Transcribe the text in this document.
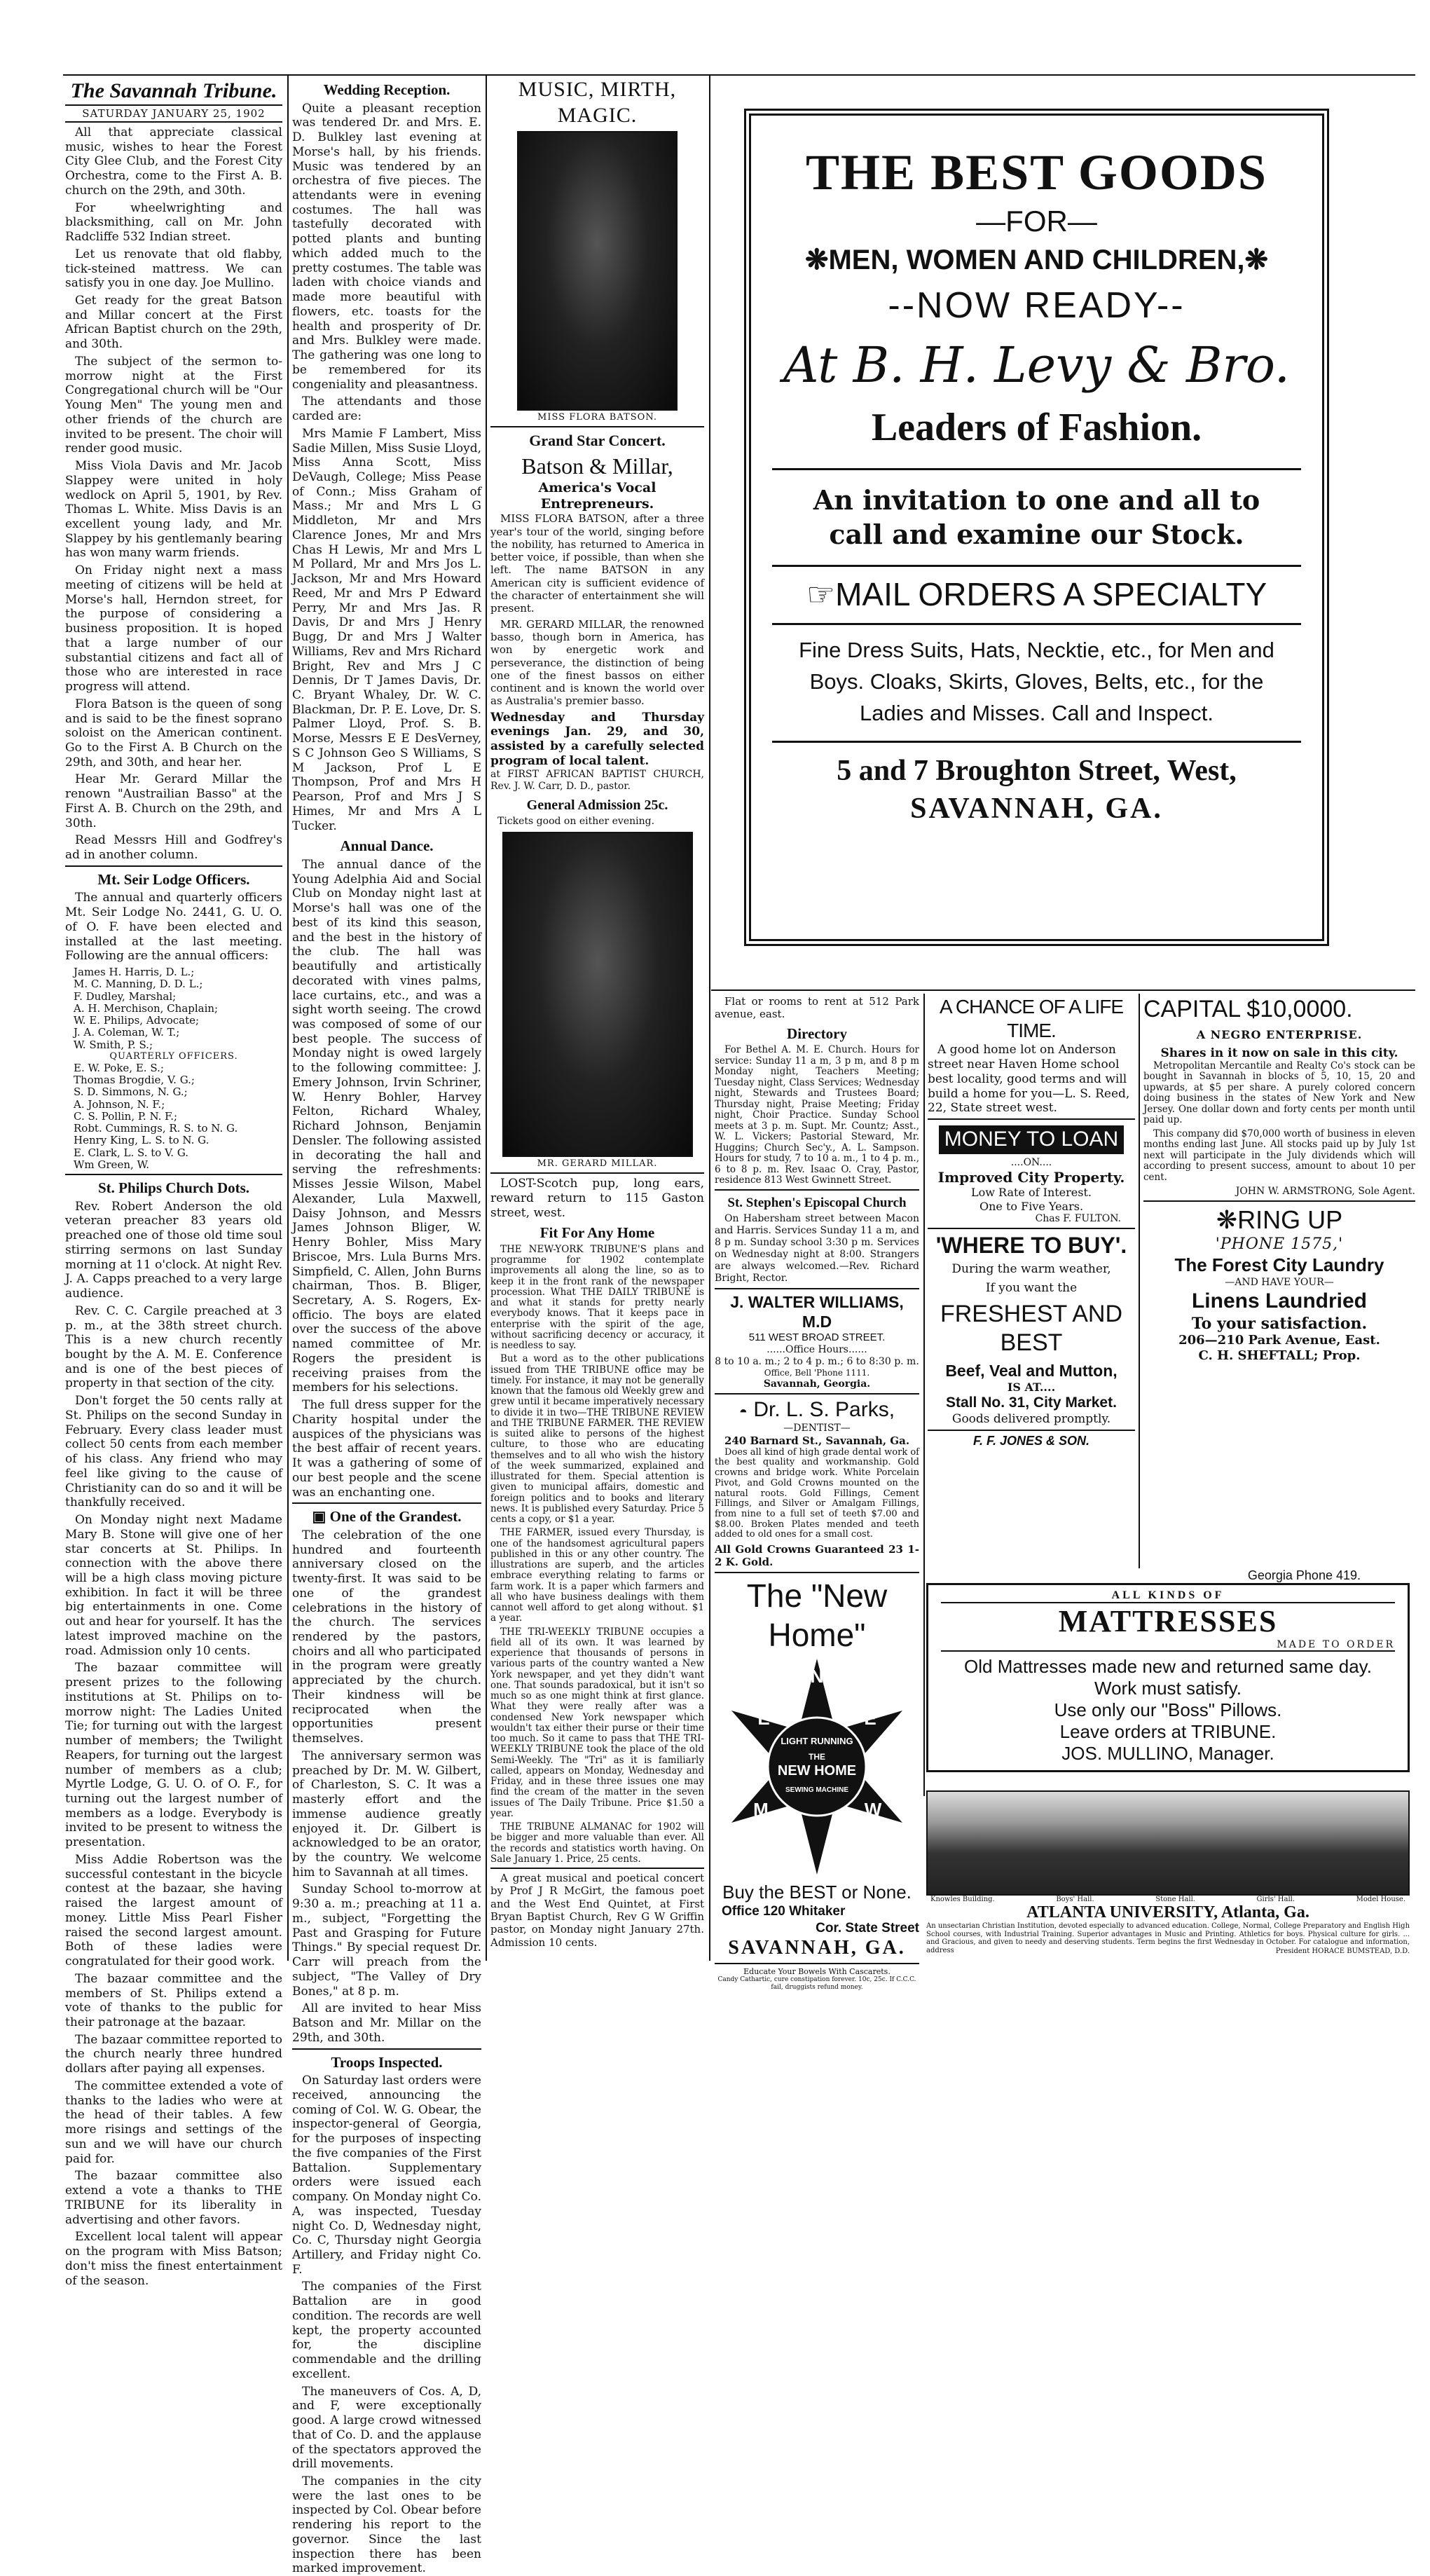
The Savannah Tribune.
SATURDAY JANUARY 25, 1902

All that appreciate classical music, wishes to hear the Forest City Glee Club, and the Forest City Orchestra, come to the First A. B. church on the 29th, and 30th.

For wheelwrighting and blacksmithing, call on Mr. John Radcliffe 532 Indian street.

Let us renovate that old flabby, tick-steined mattress. We can satisfy you in one day. Joe Mullino.

Get ready for the great Batson and Millar concert at the First African Baptist church on the 29th, and 30th.

The subject of the sermon to-morrow night at the First Congregational church will be "Our Young Men" The young men and other friends of the church are invited to be present. The choir will render good music.

Miss Viola Davis and Mr. Jacob Slappey were united in holy wedlock on April 5, 1901, by Rev. Thomas L. White. Miss Davis is an excellent young lady, and Mr. Slappey by his gentlemanly bearing has won many warm friends.

On Friday night next a mass meeting of citizens will be held at Morse's hall, Herndon street, for the purpose of considering a business proposition. It is hoped that a large number of our substantial citizens and fact all of those who are interested in race progress will attend.

Flora Batson is the queen of song and is said to be the finest soprano soloist on the American continent. Go to the First A. B Church on the 29th, and 30th, and hear her.

Hear Mr. Gerard Millar the renown "Austrailian Basso" at the First A. B. Church on the 29th, and 30th.

Read Messrs Hill and Godfrey's ad in another column.

Mt. Seir Lodge Officers.

The annual and quarterly officers Mt. Seir Lodge No. 2441, G. U. O. of O. F. have been elected and installed at the last meeting. Following are the annual officers:

James H. Harris, D. L.;
M. C. Manning, D. D. L.;
F. Dudley, Marshal;
A. H. Merchison, Chaplain;
W. E. Philips, Advocate;
J. A. Coleman, W. T.;
W. Smith, P. S.;
QUARTERLY OFFICERS.
E. W. Poke, E. S.;
Thomas Brogdie, V. G.;
S. D. Simmons, N. G.;
A. Johnson, N. F.;
C. S. Pollin, P. N. F.;
Robt. Cummings, R. S. to N. G.
Henry King, L. S. to N. G.
E. Clark, L. S. to V. G.
Wm Green, W.
St. Philips Church Dots.

Rev. Robert Anderson the old veteran preacher 83 years old preached one of those old time soul stirring sermons on last Sunday morning at 11 o'clock. At night Rev. J. A. Capps preached to a very large audience.

Rev. C. C. Cargile preached at 3 p. m., at the 38th street church. This is a new church recently bought by the A. M. E. Conference and is one of the best pieces of property in that section of the city.

Don't forget the 50 cents rally at St. Philips on the second Sunday in February. Every class leader must collect 50 cents from each member of his class. Any friend who may feel like giving to the cause of Christianity can do so and it will be thankfully received.

On Monday night next Madame Mary B. Stone will give one of her star concerts at St. Philips. In connection with the above there will be a high class moving picture exhibition. In fact it will be three big entertainments in one. Come out and hear for yourself. It has the latest improved machine on the road. Admission only 10 cents.

The bazaar committee will present prizes to the following institutions at St. Philips on to-morrow night: The Ladies United Tie; for turning out with the largest number of members; the Twilight Reapers, for turning out the largest number of members as a club; Myrtle Lodge, G. U. O. of O. F., for turning out the largest number of members as a lodge. Everybody is invited to be present to witness the presentation.

Miss Addie Robertson was the successful contestant in the bicycle contest at the bazaar, she having raised the largest amount of money. Little Miss Pearl Fisher raised the second largest amount. Both of these ladies were congratulated for their good work.

The bazaar committee and the members of St. Philips extend a vote of thanks to the public for their patronage at the bazaar.

The bazaar committee reported to the church nearly three hundred dollars after paying all expenses.

The committee extended a vote of thanks to the ladies who were at the head of their tables. A few more risings and settings of the sun and we will have our church paid for.

The bazaar committee also extend a vote a thanks to THE TRIBUNE for its liberality in advertising and other favors.

Excellent local talent will appear on the program with Miss Batson; don't miss the finest entertainment of the season.

Wedding Reception.

Quite a pleasant reception was tendered Dr. and Mrs. E. D. Bulkley last evening at Morse's hall, by his friends. Music was tendered by an orchestra of five pieces. The attendants were in evening costumes. The hall was tastefully decorated with potted plants and bunting which added much to the pretty costumes. The table was laden with choice viands and made more beautiful with flowers, etc. toasts for the health and prosperity of Dr. and Mrs. Bulkley were made. The gathering was one long to be remembered for its congeniality and pleasantness.

The attendants and those carded are:

Mrs Mamie F Lambert, Miss Sadie Millen, Miss Susie Lloyd, Miss Anna Scott, Miss DeVaugh, College; Miss Pease of Conn.; Miss Graham of Mass.; Mr and Mrs L G Middleton, Mr and Mrs Clarence Jones, Mr and Mrs Chas H Lewis, Mr and Mrs L M Pollard, Mr and Mrs Jos L. Jackson, Mr and Mrs Howard Reed, Mr and Mrs P Edward Perry, Mr and Mrs Jas. R Davis, Dr and Mrs J Henry Bugg, Dr and Mrs J Walter Williams, Rev and Mrs Richard Bright, Rev and Mrs J C Dennis, Dr T James Davis, Dr. C. Bryant Whaley, Dr. W. C. Blackman, Dr. P. E. Love, Dr. S. Palmer Lloyd, Prof. S. B. Morse, Messrs E E DesVerney, S C Johnson Geo S Williams, S M Jackson, Prof L E Thompson, Prof and Mrs H Pearson, Prof and Mrs J S Himes, Mr and Mrs A L Tucker.

Annual Dance.

The annual dance of the Young Adelphia Aid and Social Club on Monday night last at Morse's hall was one of the best of its kind this season, and the best in the history of the club. The hall was beautifully and artistically decorated with vines palms, lace curtains, etc., and was a sight worth seeing. The crowd was composed of some of our best people. The success of Monday night is owed largely to the following committee: J. Emery Johnson, Irvin Schriner, W. Henry Bohler, Harvey Felton, Richard Whaley, Richard Johnson, Benjamin Densler. The following assisted in decorating the hall and serving the refreshments: Misses Jessie Wilson, Mabel Alexander, Lula Maxwell, Daisy Johnson, and Messrs James Johnson Bliger, W. Henry Bohler, Miss Mary Briscoe, Mrs. Lula Burns Mrs. Simpfield, C. Allen, John Burns chairman, Thos. B. Bliger, Secretary, A. S. Rogers, Ex-officio. The boys are elated over the success of the above named committee of Mr. Rogers the president is receiving praises from the members for his selections.

The full dress supper for the Charity hospital under the auspices of the physicians was the best affair of recent years. It was a gathering of some of our best people and the scene was an enchanting one.

▣ One of the Grandest.

The celebration of the one hundred and fourteenth anniversary closed on the twenty-first. It was said to be one of the grandest celebrations in the history of the church. The services rendered by the pastors, choirs and all who participated in the program were greatly appreciated by the church. Their kindness will be reciprocated when the opportunities present themselves.

The anniversary sermon was preached by Dr. M. W. Gilbert, of Charleston, S. C. It was a masterly effort and the immense audience greatly enjoyed it. Dr. Gilbert is acknowledged to be an orator, by the country. We welcome him to Savannah at all times.

Sunday School to-morrow at 9:30 a. m.; preaching at 11 a. m., subject, "Forgetting the Past and Grasping for Future Things." By special request Dr. Carr will preach from the subject, "The Valley of Dry Bones," at 8 p. m.

All are invited to hear Miss Batson and Mr. Millar on the 29th, and 30th.

Troops Inspected.

On Saturday last orders were received, announcing the coming of Col. W. G. Obear, the inspector-general of Georgia, for the purposes of inspecting the five companies of the First Battalion. Supplementary orders were issued each company. On Monday night Co. A, was inspected, Tuesday night Co. D, Wednesday night, Co. C, Thursday night Georgia Artillery, and Friday night Co. F.

The companies of the First Battalion are in good condition. The records are well kept, the property accounted for, the discipline commendable and the drilling excellent.

The maneuvers of Cos. A, D, and F, were exceptionally good. A large crowd witnessed that of Co. D. and the applause of the spectators approved the drill movements.

The companies in the city were the last ones to be inspected by Col. Obear before rendering his report to the governor. Since the last inspection there has been marked improvement.

MUSIC, MIRTH, MAGIC.
MISS FLORA BATSON.
Grand Star Concert.
Batson & Millar,
America's Vocal Entrepreneurs.

MISS FLORA BATSON, after a three year's tour of the world, singing before the nobility, has returned to America in better voice, if possible, than when she left. The name BATSON in any American city is sufficient evidence of the character of entertainment she will present.

MR. GERARD MILLAR, the renowned basso, though born in America, has won by energetic work and perseverance, the distinction of being one of the finest bassos on either continent and is known the world over as Australia's premier basso.

Wednesday and Thursday evenings Jan. 29, and 30, assisted by a carefully selected program of local talent.
at FIRST AFRICAN BAPTIST CHURCH, Rev. J. W. Carr, D. D., pastor.
General Admission 25c.
Tickets good on either evening.
MR. GERARD MILLAR.

LOST-Scotch pup, long ears, reward return to 115 Gaston street, west.

Fit For Any Home

THE NEW-YORK TRIBUNE'S plans and programme for 1902 contemplate improvements all along the line, so as to keep it in the front rank of the newspaper procession. What THE DAILY TRIBUNE is and what it stands for pretty nearly everybody knows. That it keeps pace in enterprise with the spirit of the age, without sacrificing decency or accuracy, it is needless to say.

But a word as to the other publications issued from THE TRIBUNE office may be timely. For instance, it may not be generally known that the famous old Weekly grew and grew until it became imperatively necessary to divide it in two—THE TRIBUNE REVIEW and THE TRIBUNE FARMER. THE REVIEW is suited alike to persons of the highest culture, to those who are educating themselves and to all who wish the history of the week summarized, explained and illustrated for them. Special attention is given to municipal affairs, domestic and foreign politics and to books and literary news. It is published every Saturday. Price 5 cents a copy, or $1 a year.

THE FARMER, issued every Thursday, is one of the handsomest agricultural papers published in this or any other country. The illustrations are superb, and the articles embrace everything relating to farms or farm work. It is a paper which farmers and all who have business dealings with them cannot well afford to get along without. $1 a year.

THE TRI-WEEKLY TRIBUNE occupies a field all of its own. It was learned by experience that thousands of persons in various parts of the country wanted a New York newspaper, and yet they didn't want one. That sounds paradoxical, but it isn't so much so as one might think at first glance. What they were really after was a condensed New York newspaper which wouldn't tax either their purse or their time too much. So it came to pass that THE TRI-WEEKLY TRIBUNE took the place of the old Semi-Weekly. The "Tri" as it is familiarly called, appears on Monday, Wednesday and Friday, and in these three issues one may find the cream of the matter in the seven issues of The Daily Tribune. Price $1.50 a year.

THE TRIBUNE ALMANAC for 1902 will be bigger and more valuable than ever. All the records and statistics worth having. On Sale January 1. Price, 25 cents.

A great musical and poetical concert by Prof J R McGirt, the famous poet and the West End Quintet, at First Bryan Baptist Church, Rev G W Griffin pastor, on Monday night January 27th. Admission 10 cents.

THE BEST GOODS
—FOR—
❋MEN, WOMEN AND CHILDREN,❋
--NOW READY--
At B. H. Levy & Bro.
Leaders of Fashion.
An invitation to one and all to call and examine our Stock.
☞MAIL ORDERS A SPECIALTY
Fine Dress Suits, Hats, Necktie, etc., for Men and Boys. Cloaks, Skirts, Gloves, Belts, etc., for the Ladies and Misses. Call and Inspect.
5 and 7 Broughton Street, West,
SAVANNAH, GA.

Flat or rooms to rent at 512 Park avenue, east.

Directory

For Bethel A. M. E. Church. Hours for service: Sunday 11 a m, 3 p m, and 8 p m Monday night, Teachers Meeting; Tuesday night, Class Services; Wednesday night, Stewards and Trustees Board; Thursday night, Praise Meeting; Friday night, Choir Practice. Sunday School meets at 3 p. m. Supt. Mr. Countz; Asst., W. L. Vickers; Pastorial Steward, Mr. Huggins; Church Sec'y., A. L. Sampson. Hours for study, 7 to 10 a. m., 1 to 4 p. m., 6 to 8 p. m. Rev. Isaac O. Cray, Pastor, residence 813 West Gwinnett Street.

St. Stephen's Episcopal Church

On Habersham street between Macon and Harris. Services Sunday 11 a m, and 8 p m. Sunday school 3:30 p m. Services on Wednesday night at 8:00. Strangers are always welcomed.—Rev. Richard Bright, Rector.

J. WALTER WILLIAMS, M.D
511 WEST BROAD STREET.
......Office Hours......
8 to 10 a. m.; 2 to 4 p. m.; 6 to 8:30 p. m.
Office, Bell 'Phone 1111.
Savannah, Georgia.
◓ Dr. L. S. Parks,
—DENTIST—
240 Barnard St., Savannah, Ga.

Does all kind of high grade dental work of the best quality and workmanship. Gold crowns and bridge work. White Porcelain Pivot, and Gold Crowns mounted on the natural roots. Gold Fillings, Cement Fillings, and Silver or Amalgam Fillings, from nine to a full set of teeth $7.00 and $8.00. Broken Plates mended and teeth added to old ones for a small cost.

All Gold Crowns Guaranteed 23 1-2 K. Gold.

The "New Home"
N
E
W
H
O
M
E
LIGHT RUNNING
THE
NEW HOME
SEWING MACHINE
Buy the BEST or None.
Office 120 Whitaker
Cor. State Street
SAVANNAH, GA.
Educate Your Bowels With Cascarets.
Candy Cathartic, cure constipation forever. 10c, 25c. If C.C.C. fail, druggists refund money.
A CHANCE OF A LIFE TIME.

A good home lot on Anderson street near Haven Home school best locality, good terms and will build a home for you—L. S. Reed, 22, State street west.

MONEY TO LOAN
....ON....
Improved City Property.
Low Rate of Interest.
One to Five Years.
Chas F. FULTON.
'WHERE TO BUY'.
During the warm weather,
If you want the
FRESHEST AND BEST
Beef, Veal and Mutton,
IS AT....
Stall No. 31, City Market.
Goods delivered promptly.
F. F. JONES & SON.
CAPITAL $10,0000.
A NEGRO ENTERPRISE.
Shares in it now on sale in this city.

Metropolitan Mercantile and Realty Co's stock can be bought in Savannah in blocks of 5, 10, 15, 20 and upwards, at $5 per share. A purely colored concern doing business in the states of New York and New Jersey. One dollar down and forty cents per month until paid up.

This company did $70,000 worth of business in eleven months ending last June. All stocks paid up by July 1st next will participate in the July dividends which will according to present success, amount to about 10 per cent.

JOHN W. ARMSTRONG, Sole Agent.
❋RING UP
'PHONE 1575,'
The Forest City Laundry
—AND HAVE YOUR—
Linens Laundried
To your satisfaction.
206—210 Park Avenue, East.
C. H. SHEFTALL; Prop.
Georgia Phone 419.
ALL KINDS OF
MATTRESSES
MADE TO ORDER
Old Mattresses made new and returned same day. Work must satisfy.
Use only our "Boss" Pillows.
Leave orders at TRIBUNE.
JOS. MULLINO, Manager.
Knowles Building.	Boys' Hall.	Stone Hall.	Girls' Hall.	Model House.
ATLANTA UNIVERSITY, Atlanta, Ga.
An unsectarian Christian Institution, devoted especially to advanced education. College, Normal, College Preparatory and English High School courses, with Industrial Training. Superior advantages in Music and Printing. Athletics for boys. Physical culture for girls. ... and Gracious, and given to needy and deserving students. Term begins the first Wednesday in October. For catalogue and information, address	President HORACE BUMSTEAD, D.D.
